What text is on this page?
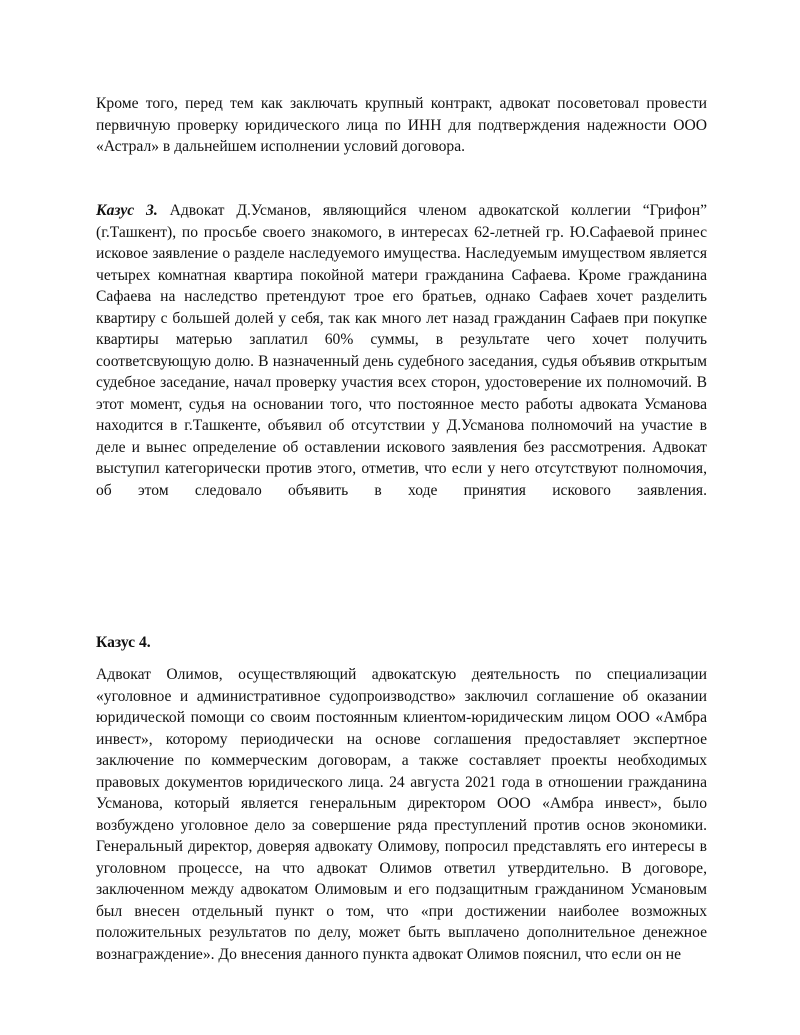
Кроме того, перед тем как заключать крупный контракт, адвокат посоветовал провести первичную проверку юридического лица по ИНН для подтверждения надежности ООО «Астрал» в дальнейшем исполнении условий договора.

Казус 3. Адвокат Д.Усманов, являющийся членом адвокатской коллегии “Грифон” (г.Ташкент), по просьбе своего знакомого, в интересах 62-летней гр. Ю.Сафаевой принес исковое заявление о разделе наследуемого имущества. Наследуемым имуществом является четырех комнатная квартира покойной матери гражданина Сафаева. Кроме гражданина Сафаева на наследство претендуют трое его братьев, однако Сафаев хочет разделить квартиру с большей долей у себя, так как много лет назад гражданин Сафаев при покупке квартиры матерью заплатил 60% суммы, в результате чего хочет получить соответсвующую долю. В назначенный день судебного заседания, судья объявив открытым судебное заседание, начал проверку участия всех сторон, удостоверение их полномочий. В этот момент, судья на основании того, что постоянное место работы адвоката Усманова находится в г.Ташкенте, объявил об отсутствии у Д.Усманова полномочий на участие в деле и вынес определение об оставлении искового заявления без рассмотрения. Адвокат выступил категорически против этого, отметив, что если у него отсутствуют полномочия, об этом следовало объявить в ходе принятия искового заявления.

Казус 4.

Адвокат Олимов, осуществляющий адвокатскую деятельность по специализации «уголовное и административное судопроизводство» заключил соглашение об оказании юридической помощи со своим постоянным клиентом-юридическим лицом ООО «Амбра инвест», которому периодически на основе соглашения предоставляет экспертное заключение по коммерческим договорам, а также составляет проекты необходимых правовых документов юридического лица. 24 августа 2021 года в отношении гражданина Усманова, который является генеральным директором ООО «Амбра инвест», было возбуждено уголовное дело за совершение ряда преступлений против основ экономики. Генеральный директор, доверяя адвокату Олимову, попросил представлять его интересы в уголовном процессе, на что адвокат Олимов ответил утвердительно. В договоре, заключенном между адвокатом Олимовым и его подзащитным гражданином Усмановым был внесен отдельный пункт о том, что «при достижении наиболее возможных положительных результатов по делу, может быть выплачено дополнительное денежное вознаграждение». До внесения данного пункта адвокат Олимов пояснил, что если он не
